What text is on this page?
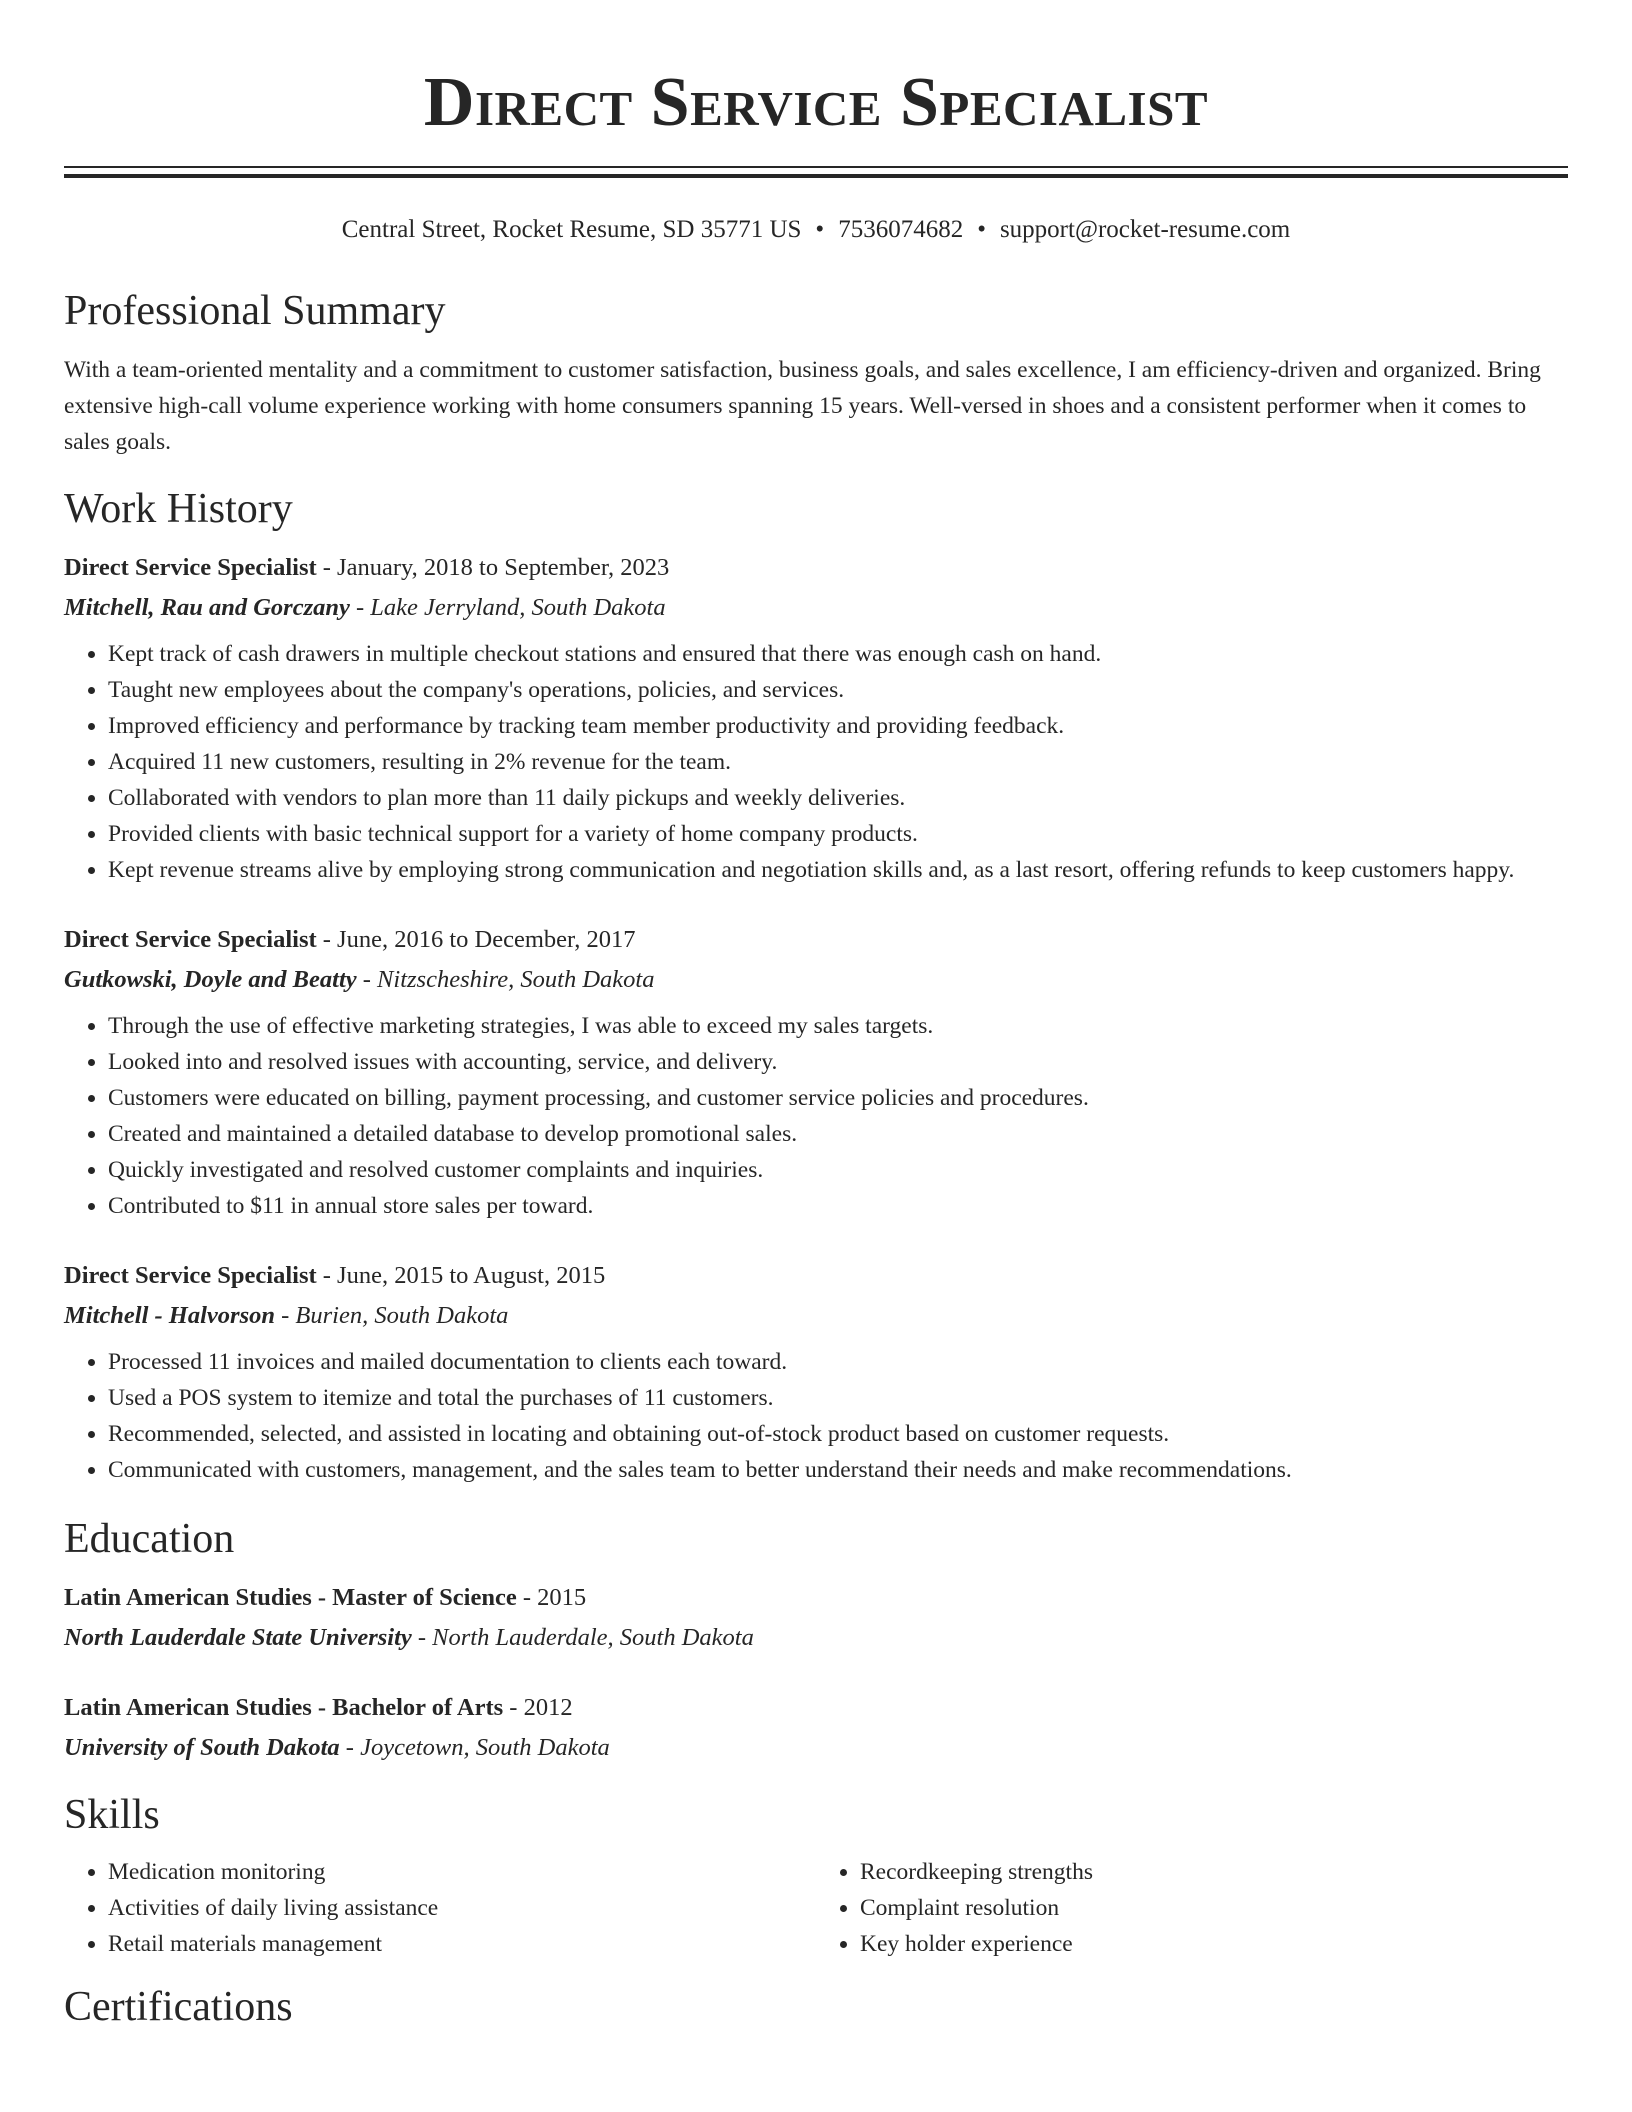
Direct Service Specialist
Central Street, Rocket Resume, SD 35771 US • 7536074682 • support@rocket-resume.com
Professional Summary
With a team-oriented mentality and a commitment to customer satisfaction, business goals, and sales excellence, I am efficiency-driven and organized. Bring extensive high-call volume experience working with home consumers spanning 15 years. Well-versed in shoes and a consistent performer when it comes to sales goals.
Work History
Direct Service Specialist - January, 2018 to September, 2023
Mitchell, Rau and Gorczany - Lake Jerryland, South Dakota
• Kept track of cash drawers in multiple checkout stations and ensured that there was enough cash on hand.
• Taught new employees about the company's operations, policies, and services.
• Improved efficiency and performance by tracking team member productivity and providing feedback.
• Acquired 11 new customers, resulting in 2% revenue for the team.
• Collaborated with vendors to plan more than 11 daily pickups and weekly deliveries.
• Provided clients with basic technical support for a variety of home company products.
• Kept revenue streams alive by employing strong communication and negotiation skills and, as a last resort, offering refunds to keep customers happy.
Direct Service Specialist - June, 2016 to December, 2017
Gutkowski, Doyle and Beatty - Nitzscheshire, South Dakota
• Through the use of effective marketing strategies, I was able to exceed my sales targets.
• Looked into and resolved issues with accounting, service, and delivery.
• Customers were educated on billing, payment processing, and customer service policies and procedures.
• Created and maintained a detailed database to develop promotional sales.
• Quickly investigated and resolved customer complaints and inquiries.
• Contributed to $11 in annual store sales per toward.
Direct Service Specialist - June, 2015 to August, 2015
Mitchell - Halvorson - Burien, South Dakota
• Processed 11 invoices and mailed documentation to clients each toward.
• Used a POS system to itemize and total the purchases of 11 customers.
• Recommended, selected, and assisted in locating and obtaining out-of-stock product based on customer requests.
• Communicated with customers, management, and the sales team to better understand their needs and make recommendations.
Education
Latin American Studies - Master of Science - 2015
North Lauderdale State University - North Lauderdale, South Dakota
Latin American Studies - Bachelor of Arts - 2012
University of South Dakota - Joycetown, South Dakota
Skills
• Medication monitoring
• Activities of daily living assistance
• Retail materials management
• Recordkeeping strengths
• Complaint resolution
• Key holder experience
Certifications
